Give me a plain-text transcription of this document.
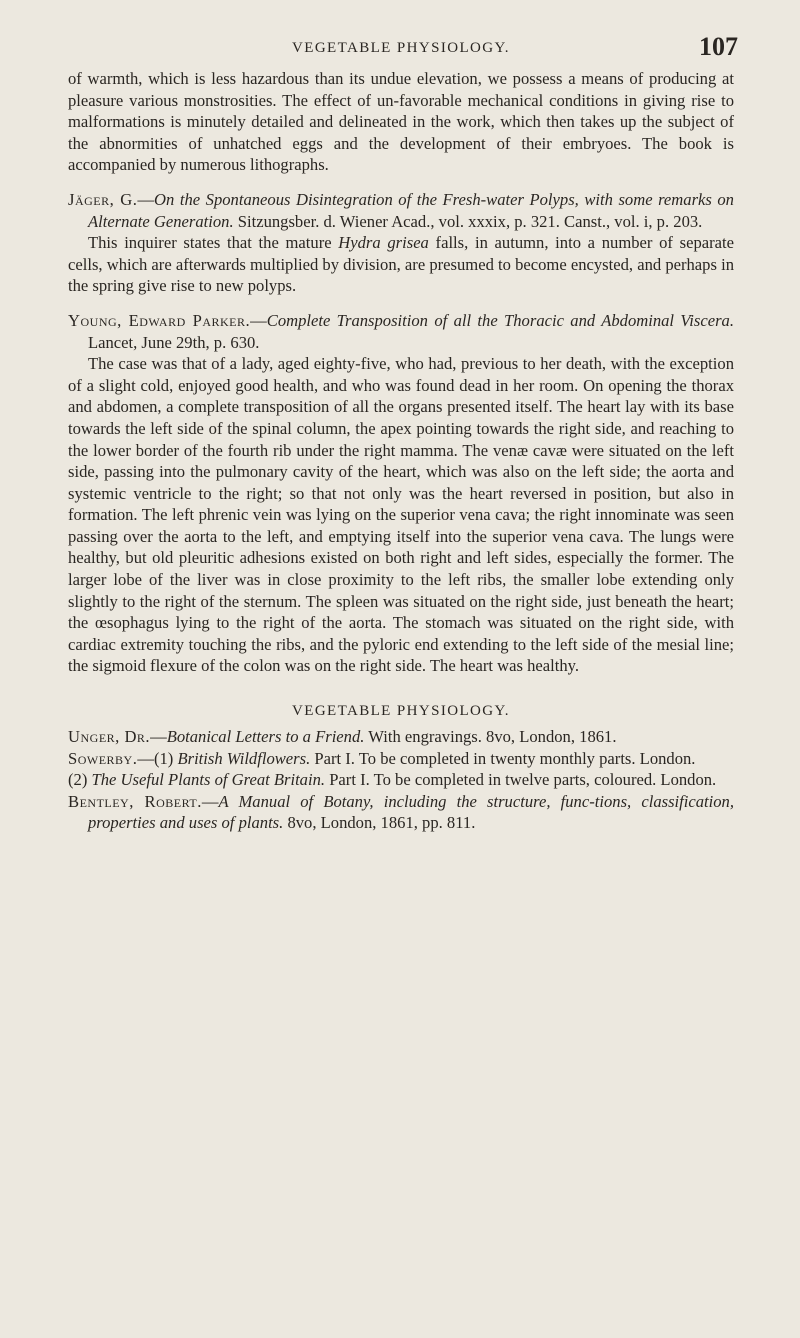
VEGETABLE PHYSIOLOGY.	107

of warmth, which is less hazardous than its undue elevation, we possess a means of producing at pleasure various monstrosities. The effect of un-favorable mechanical conditions in giving rise to malformations is minutely detailed and delineated in the work, which then takes up the subject of the abnormities of unhatched eggs and the development of their embryoes. The book is accompanied by numerous lithographs.

Jäger, G.—On the Spontaneous Disintegration of the Fresh-water Polyps, with some remarks on Alternate Generation. Sitzungsber. d. Wiener Acad., vol. xxxix, p. 321. Canst., vol. i, p. 203.

This inquirer states that the mature Hydra grisea falls, in autumn, into a number of separate cells, which are afterwards multiplied by division, are presumed to become encysted, and perhaps in the spring give rise to new polyps.

Young, Edward Parker.—Complete Transposition of all the Thoracic and Abdominal Viscera. Lancet, June 29th, p. 630.

The case was that of a lady, aged eighty-five, who had, previous to her death, with the exception of a slight cold, enjoyed good health, and who was found dead in her room. On opening the thorax and abdomen, a complete transposition of all the organs presented itself. The heart lay with its base towards the left side of the spinal column, the apex pointing towards the right side, and reaching to the lower border of the fourth rib under the right mamma. The venæ cavæ were situated on the left side, passing into the pulmonary cavity of the heart, which was also on the left side; the aorta and systemic ventricle to the right; so that not only was the heart reversed in position, but also in formation. The left phrenic vein was lying on the superior vena cava; the right innominate was seen passing over the aorta to the left, and emptying itself into the superior vena cava. The lungs were healthy, but old pleuritic adhesions existed on both right and left sides, especially the former. The larger lobe of the liver was in close proximity to the left ribs, the smaller lobe extending only slightly to the right of the sternum. The spleen was situated on the right side, just beneath the heart; the œsophagus lying to the right of the aorta. The stomach was situated on the right side, with cardiac extremity touching the ribs, and the pyloric end extending to the left side of the mesial line; the sigmoid flexure of the colon was on the right side. The heart was healthy.

VEGETABLE PHYSIOLOGY.

Unger, Dr.—Botanical Letters to a Friend. With engravings. 8vo, London, 1861.

Sowerby.—(1) British Wildflowers. Part I. To be completed in twenty monthly parts. London.

(2) The Useful Plants of Great Britain. Part I. To be completed in twelve parts, coloured. London.

Bentley, Robert.—A Manual of Botany, including the structure, func-tions, classification, properties and uses of plants. 8vo, London, 1861, pp. 811.
